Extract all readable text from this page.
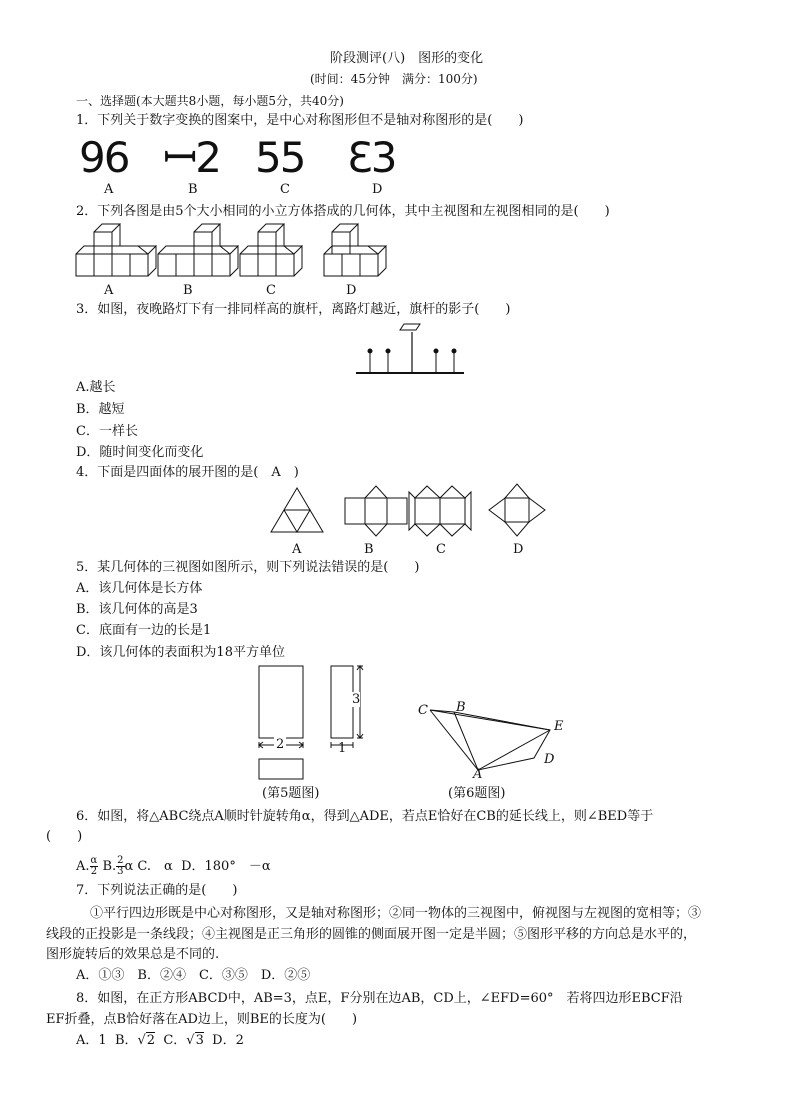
阶段测评(八)　图形的变化
(时间：45分钟　满分：100分)
一、选择题(本大题共8小题，每小题5分，共40分)
1．下列关于数字变换的图案中，是中心对称图形但不是轴对称图形的是(　　)
96 ꟷ2 55 Ɛ3
A	B	C	D
2．下列各图是由5个大小相同的小立方体搭成的几何体，其中主视图和左视图相同的是(　　)
A	B	C	D
3．如图，夜晚路灯下有一排同样高的旗杆，离路灯越近，旗杆的影子(　　)
A.越长
B．越短
C．一样长
D．随时间变化而变化
4．下面是四面体的展开图的是(　A　)
A	B	C	D
5．某几何体的三视图如图所示，则下列说法错误的是(　　)
A．该几何体是长方体
B．该几何体的高是3
C．底面有一边的长是1
D．该几何体的表面积为18平方单位
2
3
1
(第5题图)
C B
E
D
A
(第6题图)
6．如图，将△ABC绕点A顺时针旋转角α，得到△ADE，若点E恰好在CB的延长线上，则∠BED等于
(　　)
A. $\frac{\alpha}{2} B$. $\frac{2}{3}$ α C.　α D．180°　－α
7．下列说法正确的是(　　)
①平行四边形既是中心对称图形，又是轴对称图形；②同一物体的三视图中，俯视图与左视图的宽相等；③
线段的正投影是一条线段；④主视图是正三角形的圆锥的侧面展开图一定是半圆；⑤图形平移的方向总是水平的，
图形旋转后的效果总是不同的.
A．①③　B．②④　C．③⑤　D．②⑤
8．如图，在正方形ABCD中，AB=3，点E，F分别在边AB，CD上，∠EFD=60°　若将四边形EBCF沿
EF折叠，点B恰好落在AD边上，则BE的长度为(　　)
A．1 B．√2 C．√3 D．2
